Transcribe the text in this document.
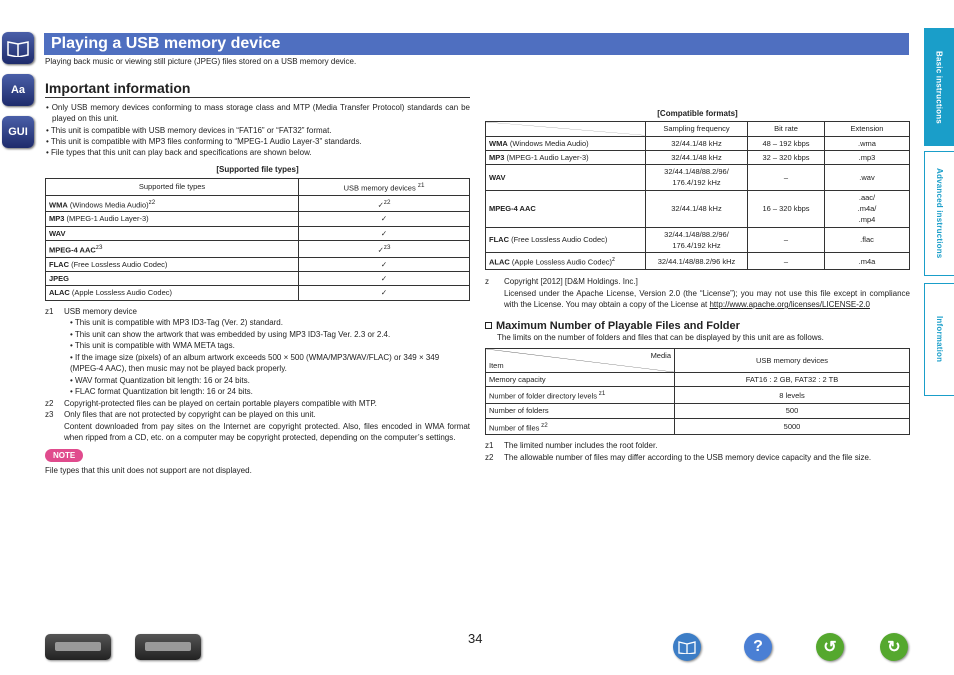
Aa
GUI
Basic instructions
Advanced instructions
Information
Playing a USB memory device
Playing back music or viewing still picture (JPEG) files stored on a USB memory device.
Important information
• Only USB memory devices conforming to mass storage class and MTP (Media Transfer Protocol) standards can be played on this unit.
• This unit is compatible with USB memory devices in “FAT16” or “FAT32” format.
• This unit is compatible with MP3 files conforming to “MPEG-1 Audio Layer-3” standards.
• File types that this unit can play back and specifications are shown below.
[Supported file types]
Supported file types	USB memory devices $^{z1}$
WMA (Windows Media Audio)$^{z2}$	✓$^{z2}$
MP3 (MPEG-1 Audio Layer-3)	✓
WAV	✓
MPEG-4 $AAC^{z3}$	✓$^{z3}$
FLAC (Free Lossless Audio Codec)	✓
JPEG	✓
ALAC (Apple Lossless Audio Codec)	✓
z1	USB memory device
• This unit is compatible with MP3 ID3-Tag (Ver. 2) standard.
• This unit can show the artwork that was embedded by using MP3 ID3-Tag Ver. 2.3 or 2.4.
• This unit is compatible with WMA META tags.
• If the image size (pixels) of an album artwork exceeds 500 × 500 (WMA/MP3/WAV/FLAC) or 349 × 349 (MPEG-4 AAC), then music may not be played back properly.
• WAV format Quantization bit length: 16 or 24 bits.
• FLAC format Quantization bit length: 16 or 24 bits.
z2	Copyright-protected files can be played on certain portable players compatible with MTP.
z3	Only files that are not protected by copyright can be played on this unit.
Content downloaded from pay sites on the Internet are copyright protected. Also, files encoded in WMA format when ripped from a CD, etc. on a computer may be copyright protected, depending on the computer’s settings.
NOTE
File types that this unit does not support are not displayed.
[Compatible formats]
	Sampling frequency	Bit rate	Extension
WMA (Windows Media Audio)	32/44.1/48 kHz	48 – 192 kbps	.wma
MP3 (MPEG-1 Audio Layer-3)	32/44.1/48 kHz	32 – 320 kbps	.mp3
WAV	32/44.1/48/88.2/96/
176.4/192 kHz	–	.wav
MPEG-4 AAC	32/44.1/48 kHz	16 – 320 kbps	.aac/
.m4a/
.mp4
FLAC (Free Lossless Audio Codec)	32/44.1/48/88.2/96/
176.4/192 kHz	–	.flac
ALAC (Apple Lossless Audio Codec)$^z$	32/44.1/48/88.2/96 kHz	–	.m4a
z	Copyright [2012] [D&M Holdings. Inc.]
Licensed under the Apache License, Version 2.0 (the “License”); you may not use this file except in compliance with the License. You may obtain a copy of the License at http://www.apache.org/licenses/LICENSE-2.0
Maximum Number of Playable Files and Folder
The limits on the number of folders and files that can be displayed by this unit are as follows.
Media
Item	USB memory devices
Memory capacity	FAT16 : 2 GB, FAT32 : 2 TB
Number of folder directory levels $^{z1}$	8 levels
Number of folders	500
Number of files $^{z2}$	5000
z1	The limited number includes the root folder.
z2	The allowable number of files may differ according to the USB memory device capacity and the file size.
34	?	↺	↻
